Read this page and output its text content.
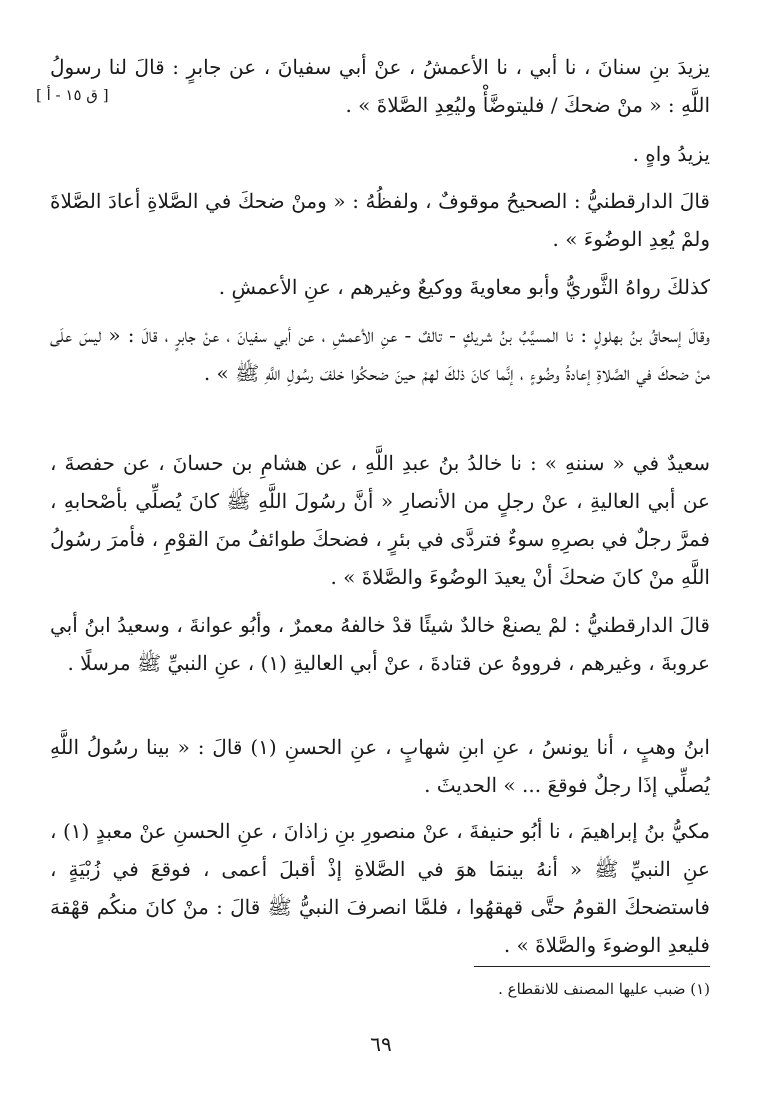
[ ق ١٥ - أ ]

يزيدَ بنِ سنانَ ، نا أبي ، نا الأعمشُ ، عنْ أبي سفيانَ ، عن جابرٍ : قالَ لنا رسولُ اللَّهِ : « منْ ضحكَ / فليتوضَّأْ وليُعِدِ الصَّلاةَ » .

يزيدُ واهٍ .

قالَ الدارقطنيُّ : الصحيحُ موقوفٌ ، ولفظُهُ : « ومنْ ضحكَ في الصَّلاةِ أعادَ الصَّلاةَ ولمْ يُعِدِ الوضُوءَ » .

كذلكَ رواهُ الثَّوريُّ وأبو معاويةَ ووكيعٌ وغيرهم ، عنِ الأعمشِ .

وقالَ إسحاقُ بنُ بهلولٍ : نا المسيَّبُ بنُ شريكٍ - تالفٌ - عنِ الأعمشِ ، عن أبي سفيانَ ، عنْ جابرٍ ، قالَ : « ليسَ علَى منْ ضحكَ في الصَّلاةِ إعادةُ وضُوءٍ ، إنَّما كانَ ذلكَ لهمْ حينَ ضحكُوا خلفَ رسُولِ اللَّهِ ﷺ » .

سعيدٌ في « سننهِ » : نا خالدُ بنُ عبدِ اللَّهِ ، عن هشامِ بن حسانَ ، عن حفصةَ ، عن أبي العاليةِ ، عنْ رجلٍ من الأنصارِ « أنَّ رسُولَ اللَّهِ ﷺ كانَ يُصلِّي بأصْحابهِ ، فمرَّ رجلٌ في بصرِهِ سوءٌ فتردَّى في بئرٍ ، فضحكَ طوائفُ منَ القوْمِ ، فأمرَ رسُولُ اللَّهِ منْ كانَ ضحكَ أنْ يعيدَ الوضُوءَ والصَّلاةَ » .

قالَ الدارقطنيُّ : لمْ يصنعْ خالدٌ شيئًا قدْ خالفهُ معمرٌ ، وأبُو عوانةَ ، وسعيدُ ابنُ أبي عروبةَ ، وغيرهم ، فرووهُ عن قتادةَ ، عنْ أبي العاليةِ (١) ، عنِ النبيِّ ﷺ مرسلًا .

ابنُ وهبٍ ، أنا يونسُ ، عنِ ابنِ شهابٍ ، عنِ الحسنِ (١) قالَ : « بينا رسُولُ اللَّهِ يُصلِّي إذَا رجلٌ فوقعَ ... » الحديثَ .

مكيُّ بنُ إبراهيمَ ، نا أبُو حنيفةَ ، عنْ منصورِ بنِ زاذانَ ، عنِ الحسنِ عنْ معبدٍ (١) ، عنِ النبيِّ ﷺ « أنهُ بينمَا هوَ في الصَّلاةِ إذْ أقبلَ أعمى ، فوقعَ في زُبْيَةٍ ، فاستضحكَ القومُ حتَّى قهقهُوا ، فلمَّا انصرفَ النبيُّ ﷺ قالَ : منْ كانَ منكُم قهْقهَ فليعدِ الوضوءَ والصَّلاةَ » .

(١) ضبب عليها المصنف للانقطاع .
٦٩
